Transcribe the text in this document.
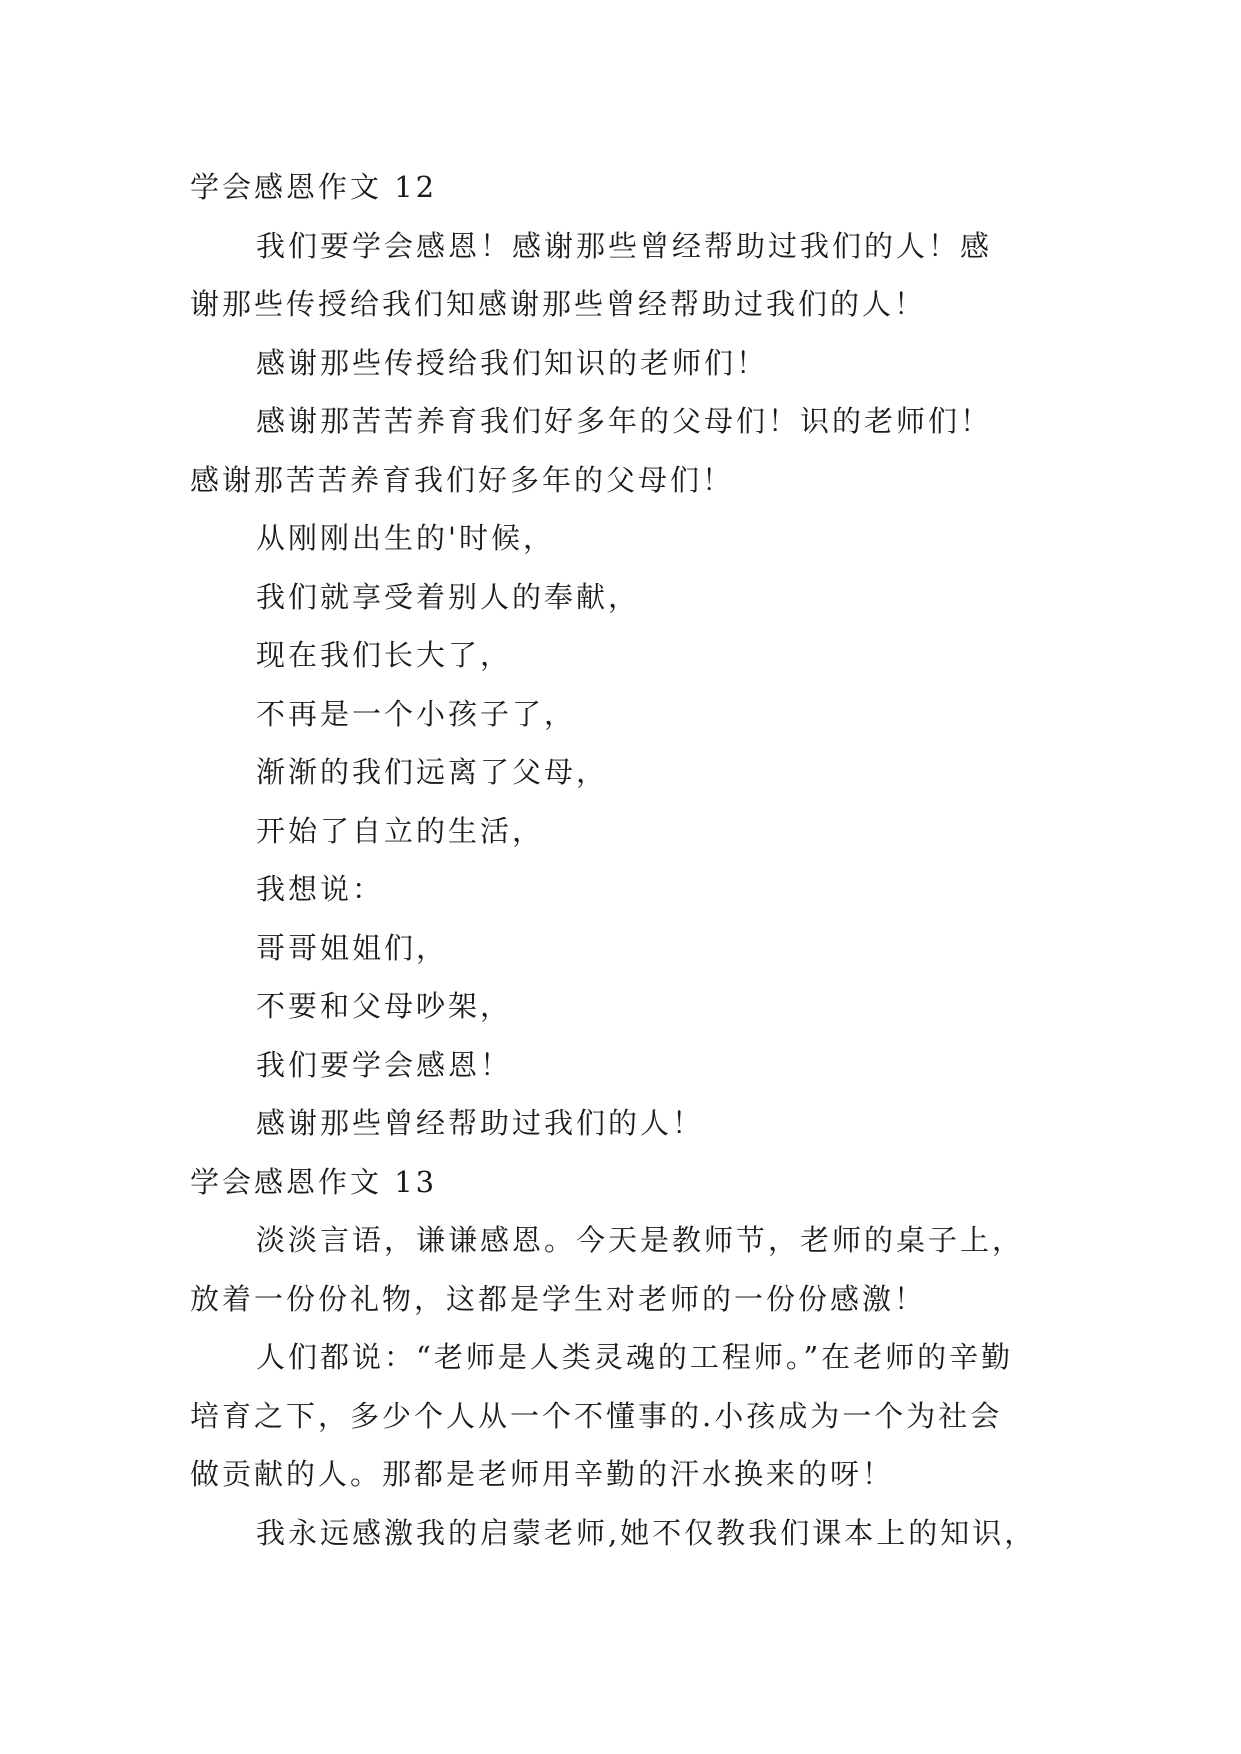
学会感恩作文 12
我们要学会感恩！感谢那些曾经帮助过我们的人！感
谢那些传授给我们知感谢那些曾经帮助过我们的人！
感谢那些传授给我们知识的老师们！
感谢那苦苦养育我们好多年的父母们！识的老师们！
感谢那苦苦养育我们好多年的父母们！
从刚刚出生的'时候，
我们就享受着别人的奉献，
现在我们长大了，
不再是一个小孩子了，
渐渐的我们远离了父母，
开始了自立的生活，
我想说：
哥哥姐姐们，
不要和父母吵架，
我们要学会感恩！
感谢那些曾经帮助过我们的人！
学会感恩作文 13
淡淡言语，谦谦感恩。今天是教师节，老师的桌子上，
放着一份份礼物，这都是学生对老师的一份份感激！
人们都说：“老师是人类灵魂的工程师。”在老师的辛勤
培育之下，多少个人从一个不懂事的.小孩成为一个为社会
做贡献的人。那都是老师用辛勤的汗水换来的呀！
我永远感激我的启蒙老师,她不仅教我们课本上的知识，
